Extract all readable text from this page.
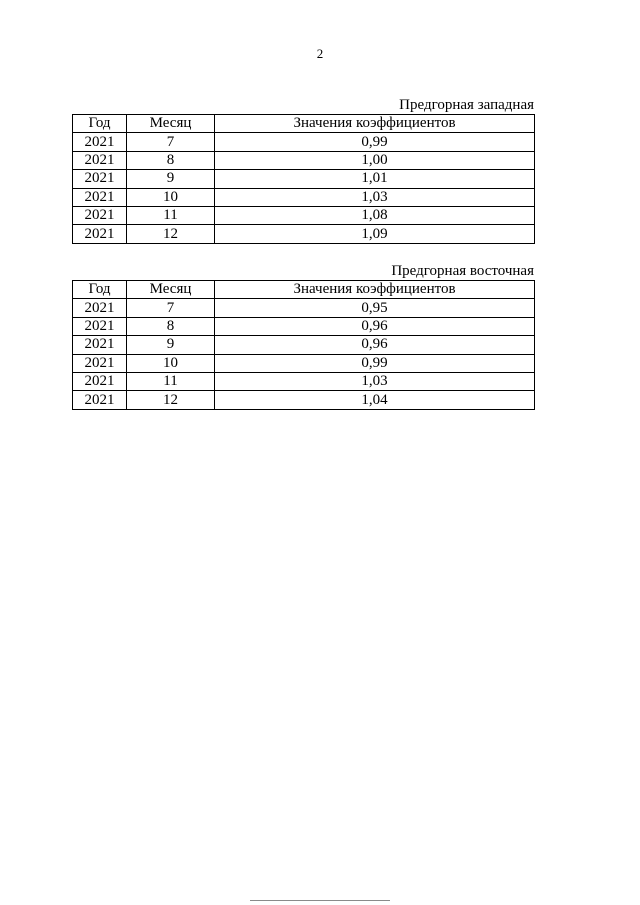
2
Предгорная западная
Год	Месяц	Значения коэффициентов
2021	7	0,99
2021	8	1,00
2021	9	1,01
2021	10	1,03
2021	11	1,08
2021	12	1,09
Предгорная восточная
Год	Месяц	Значения коэффициентов
2021	7	0,95
2021	8	0,96
2021	9	0,96
2021	10	0,99
2021	11	1,03
2021	12	1,04
